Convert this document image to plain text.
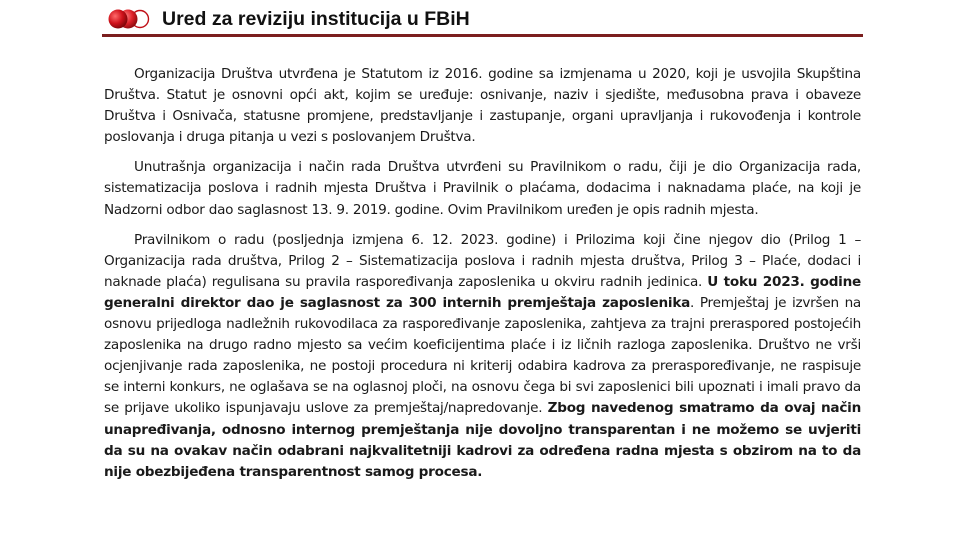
Ured za reviziju institucija u FBiH

Organizacija Društva utvrđena je Statutom iz 2016. godine sa izmjenama u 2020, koji je usvojila Skupština Društva. Statut je osnovni opći akt, kojim se uređuje: osnivanje, naziv i sjedište, međusobna prava i obaveze Društva i Osnivača, statusne promjene, predstavljanje i zastupanje, organi upravljanja i rukovođenja i kontrole poslovanja i druga pitanja u vezi s poslovanjem Društva.

Unutrašnja organizacija i način rada Društva utvrđeni su Pravilnikom o radu, čiji je dio Organizacija rada, sistematizacija poslova i radnih mjesta Društva i Pravilnik o plaćama, dodacima i naknadama plaće, na koji je Nadzorni odbor dao saglasnost 13. 9. 2019. godine. Ovim Pravilnikom uređen je opis radnih mjesta.

Pravilnikom o radu (posljednja izmjena 6. 12. 2023. godine) i Prilozima koji čine njegov dio (Prilog 1 – Organizacija rada društva, Prilog 2 – Sistematizacija poslova i radnih mjesta društva, Prilog 3 – Plaće, dodaci i naknade plaća) regulisana su pravila raspoređivanja zaposlenika u okviru radnih jedinica. U toku 2023. godine generalni direktor dao je saglasnost za 300 internih premještaja zaposlenika. Premještaj je izvršen na osnovu prijedloga nadležnih rukovodilaca za raspoređivanje zaposlenika, zahtjeva za trajni preraspored postojećih zaposlenika na drugo radno mjesto sa većim koeficijentima plaće i iz ličnih razloga zaposlenika. Društvo ne vrši ocjenjivanje rada zaposlenika, ne postoji procedura ni kriterij odabira kadrova za preraspoređivanje, ne raspisuje se interni konkurs, ne oglašava se na oglasnoj ploči, na osnovu čega bi svi zaposlenici bili upoznati i imali pravo da se prijave ukoliko ispunjavaju uslove za premještaj/napredovanje. Zbog navedenog smatramo da ovaj način unapređivanja, odnosno internog premještanja nije dovoljno transparentan i ne možemo se uvjeriti da su na ovakav način odabrani najkvalitetniji kadrovi za određena radna mjesta s obzirom na to da nije obezbijeđena transparentnost samog procesa.
